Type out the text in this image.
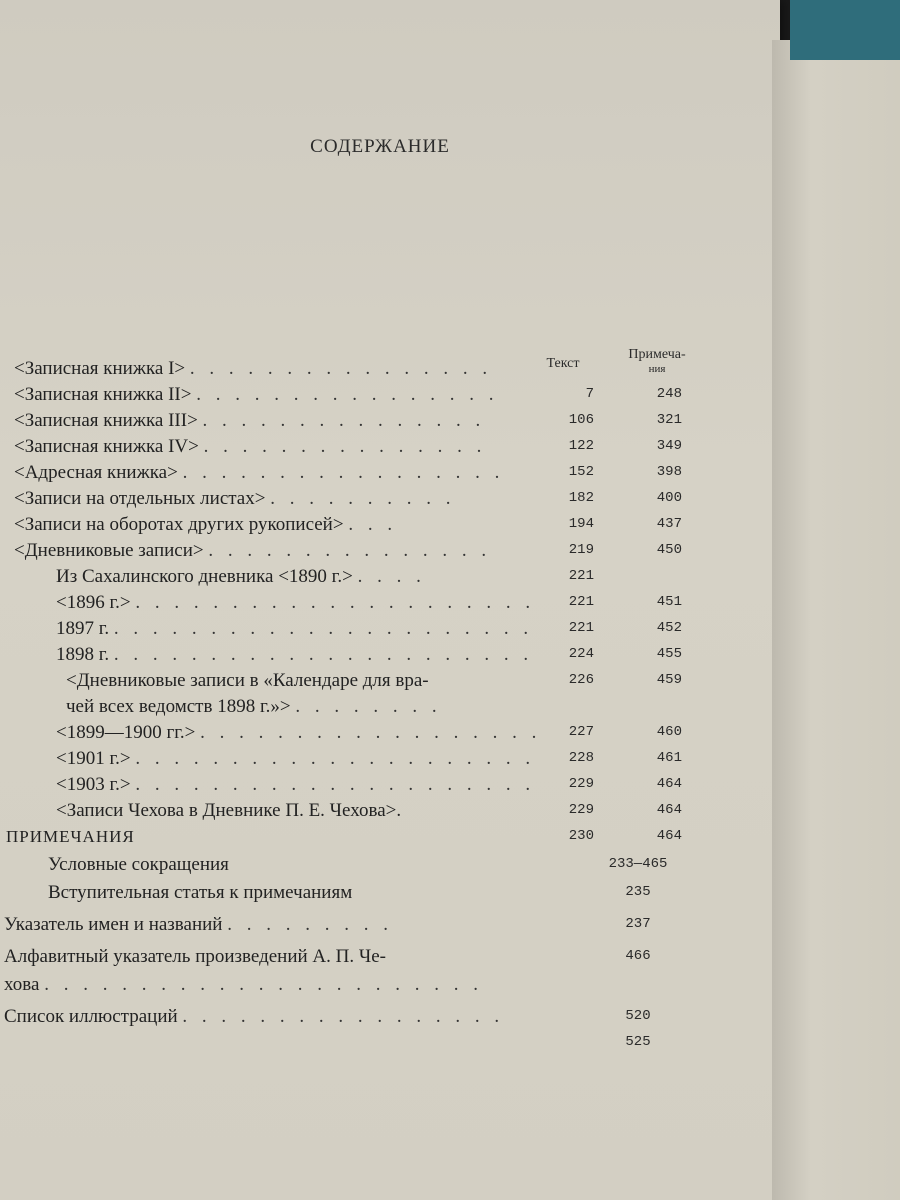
СОДЕРЖАНИЕ
Текст
Примеча-
ния
<Записная книжка I> . . . . . . . . . . . . . . . .
<Записная книжка II> . . . . . . . . . . . . . . . .	7	248
<Записная книжка III> . . . . . . . . . . . . . . .	106	321
<Записная книжка IV> . . . . . . . . . . . . . . .	122	349
<Адресная книжка> . . . . . . . . . . . . . . . . .	152	398
<Записи на отдельных листах> . . . . . . . . . .	182	400
<Записи на оборотах других рукописей> . . .	194	437
<Дневниковые записи> . . . . . . . . . . . . . . .	219	450
Из Сахалинского дневника <1890 г.> . . . .	221
<1896 г.> . . . . . . . . . . . . . . . . . . . . .	221	451
1897 г. . . . . . . . . . . . . . . . . . . . . . .	221	452
1898 г. . . . . . . . . . . . . . . . . . . . . . .	224	455
<Дневниковые записи в «Календаре для вра-	226	459
чей всех ведомств 1898 г.»> . . . . . . . .
<1899—1900 гг.> . . . . . . . . . . . . . . . . . .	227	460
<1901 г.> . . . . . . . . . . . . . . . . . . . . .	228	461
<1903 г.> . . . . . . . . . . . . . . . . . . . . .	229	464
<Записи Чехова в Дневнике П. Е. Чехова>.	229	464
ПРИМЕЧАНИЯ	230	464
Условные сокращения	233—465
Вступительная статья к примечаниям	235
Указатель имен и названий . . . . . . . . .	237
Алфавитный указатель произведений А. П. Че-	466
хова . . . . . . . . . . . . . . . . . . . . . . .
Список иллюстраций . . . . . . . . . . . . . . . . .	520
525
